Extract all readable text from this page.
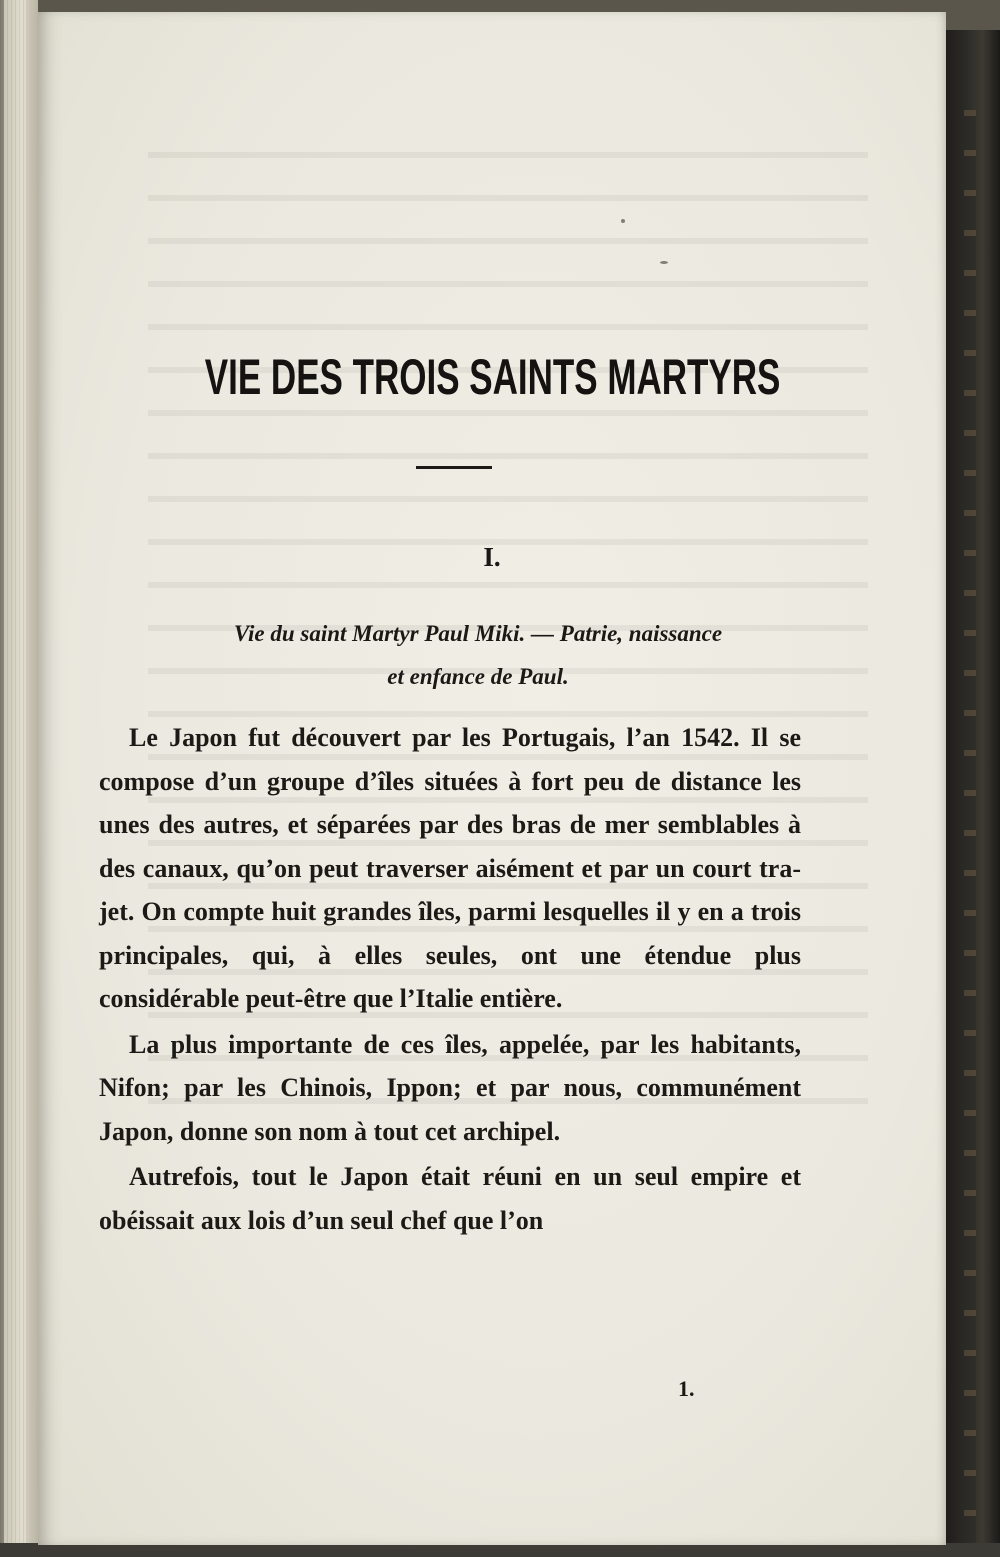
VIE DES TROIS SAINTS MARTYRS
I.
Vie du saint Martyr Paul Miki. — Patrie, naissance
et enfance de Paul.

Le Japon fut découvert par les Portugais, l’an 1542. Il se compose d’un groupe d’îles situées à fort peu de distance les unes des autres, et séparées par des bras de mer semblables à des canaux, qu’on peut traverser aisément et par un court tra-jet. On compte huit grandes îles, parmi lesquelles il y en a trois principales, qui, à elles seules, ont une étendue plus considérable peut-être que l’Italie entière.

La plus importante de ces îles, appelée, par les habitants, Nifon; par les Chinois, Ippon; et par nous, communément Japon, donne son nom à tout cet archipel.

Autrefois, tout le Japon était réuni en un seul empire et obéissait aux lois d’un seul chef que l’on

1.
